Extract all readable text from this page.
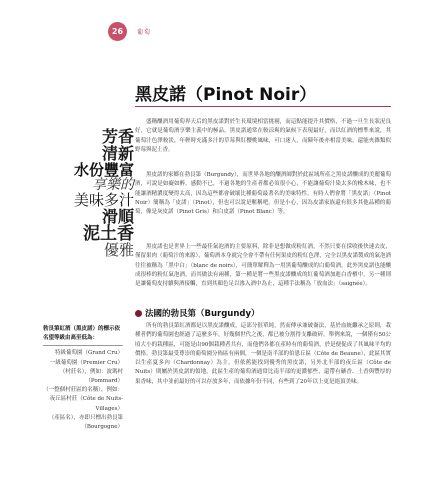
26 葡萄
黑皮諾（Pinot Noir）
芳香
清新
水份豐富
享樂的
美味多汁
滑順
泥土香
優雅

盛稱釀酒用葡萄界天后的黑皮諾對於生長環境相當挑剔，而這點能提升其價格，不過一旦生長狀況良好，它就是葡萄酒享樂主義中的極品。黑皮諾通常在較涼爽的氣候下表現最好，而以紅酒的標準來說，其葡萄汁色澤較淡，年輕時充滿多汁的草莓與紅櫻桃風味，可口迷人，而陳年後亦相當美味，還能夾雜類似野莓與泥土香。

黑皮諾的家鄉在勃艮第（Burgundy），而世界各地的釀酒師對於此區域所產之黑皮諾釀成的美麗葡萄酒，可說是如癡如醉。感動不已，不過各地的生產者都必須很小心，不能讓葡萄汁染太多的橡木味，也不能讓酒精濃度變得太高，因為這些都會破壞比種葡萄最著名的美味特性。有時人們會將「黑皮諾」（Pinot Noir）簡稱為「皮諾」（Pinot），但也可以說是暱稱吧。但是小心，因為皮諾家族還有很多其他品種的葡萄，像是灰皮諾（Pinot Gris）和白皮諾（Pinot Blanc）等。

黑皮諾也是世界上一些最佳氣泡酒的主要原料，除非是想做成粉紅酒，不然只要在採收後快速去皮，僅留果肉（葡萄汁的來源），葡萄酒本身就完全會不帶有任何果皮的粉紅色澤，完全以黑皮諾製成的氣泡酒往往被稱為「黑中白」（blanc de noirs），可簡單解釋為一用黑葡萄釀成的白葡萄酒。此外黑皮諾也能釀成很棒的粉紅氣泡酒，而其做法有兩種，第一種是將一些黑皮諾釀成的紅葡萄酒加進白香檳中，另一種則是讓葡萄皮持續與酒接觸，直到其顏色足以滲入酒中為止，這種手法稱為「放血法」（saignée）。

法國的勃艮第（Burgundy）

所有的勃艮第紅酒都是以黑皮諾釀成，這部分很單純，然而傳承兼破崙法，基於血統繼承之原則，栽種者們的葡萄園也經過了這麼多年，好幾個世代之後，都已被分割得支離破碎。舉例來說，一個僅有50公頃大小的栽種區，可能是由90個栽種者共有，而他們各都在產時有的葡萄酒，於是便促成了其風味平均的價格。勃艮第最受尊崇的葡萄園分佈區有兩個，一個是南半部的伯恩丘區（Côte de Beaune），此區其實以生產夏多內（Chardonnay）為主，但依舊能找到優秀的黑皮諾，另外北半部的夜丘區（Côte de Nuits）則屬於黑皮諾的領地。此區生產的葡萄酒通常比南半部的更濃郁些，還帶有礦香、土香與豐厚的果香味，其中並前最好的可以存放多年，而依據年份不同，有些到了20年以上更是絕頂美味。

勃艮第紅酒（黑皮諾）的標示依名望等級由高至低為：
特級葡萄園（Grand Cru）
一級葡萄園（Premier Cru）
（村莊名），例如：波瑪村（Pommard）
（一整個村莊區的名稱），例如：夜丘區村莊（Côte de Nuits-Villages）
（產區名），亦即只標出勃艮第（Bourgogne）
